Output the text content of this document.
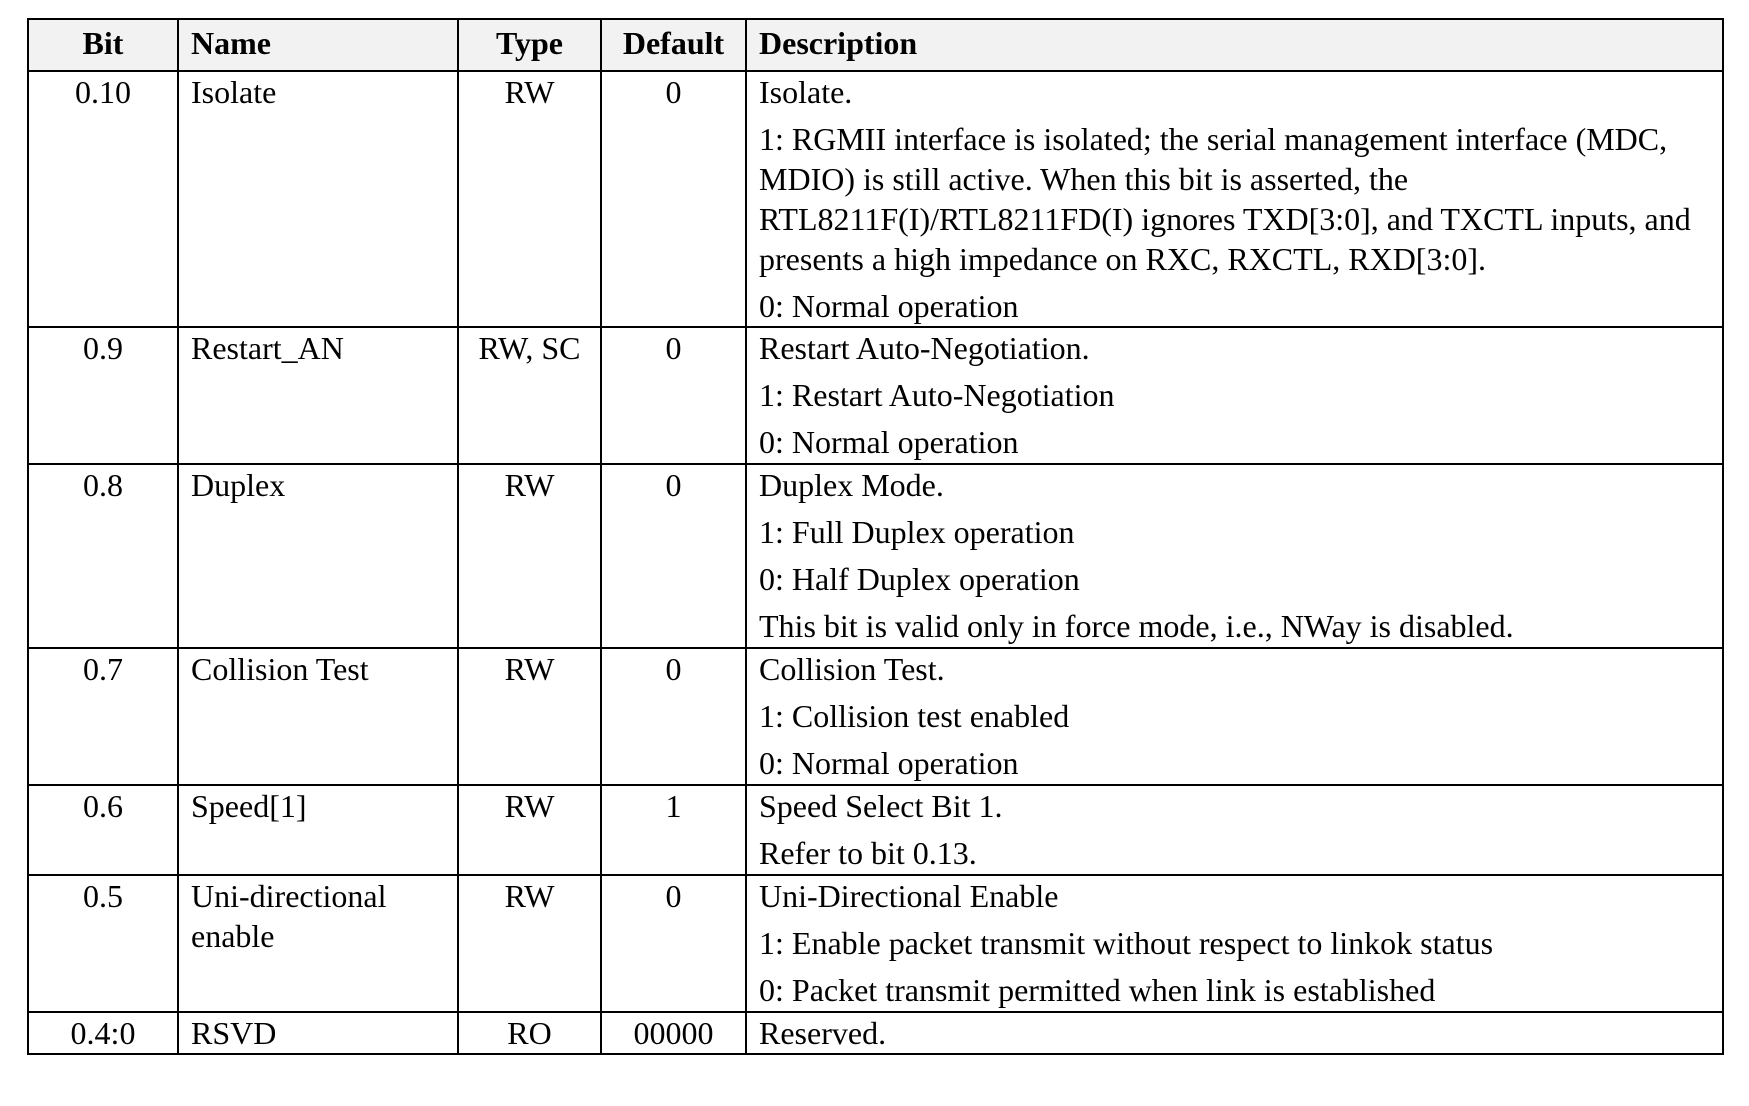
Bit	Name	Type	Default	Description
0.10	Isolate	RW	0	Isolate.
1: RGMII interface is isolated; the serial management interface (MDC, MDIO) is still active. When this bit is asserted, the RTL8211F(I)/RTL8211FD(I) ignores TXD[3:0], and TXCTL inputs, and presents a high impedance on RXC, RXCTL, RXD[3:0].
0: Normal operation

0.9	Restart_AN	RW, SC	0	Restart Auto-Negotiation.
1: Restart Auto-Negotiation
0: Normal operation

0.8	Duplex	RW	0	Duplex Mode.
1: Full Duplex operation
0: Half Duplex operation
This bit is valid only in force mode, i.e., NWay is disabled.

0.7	Collision Test	RW	0	Collision Test.
1: Collision test enabled
0: Normal operation

0.6	Speed[1]	RW	1	Speed Select Bit 1.
Refer to bit 0.13.

0.5	Uni-directional enable	RW	0	Uni-Directional Enable
1: Enable packet transmit without respect to linkok status
0: Packet transmit permitted when link is established

0.4:0	RSVD	RO	00000	Reserved.
